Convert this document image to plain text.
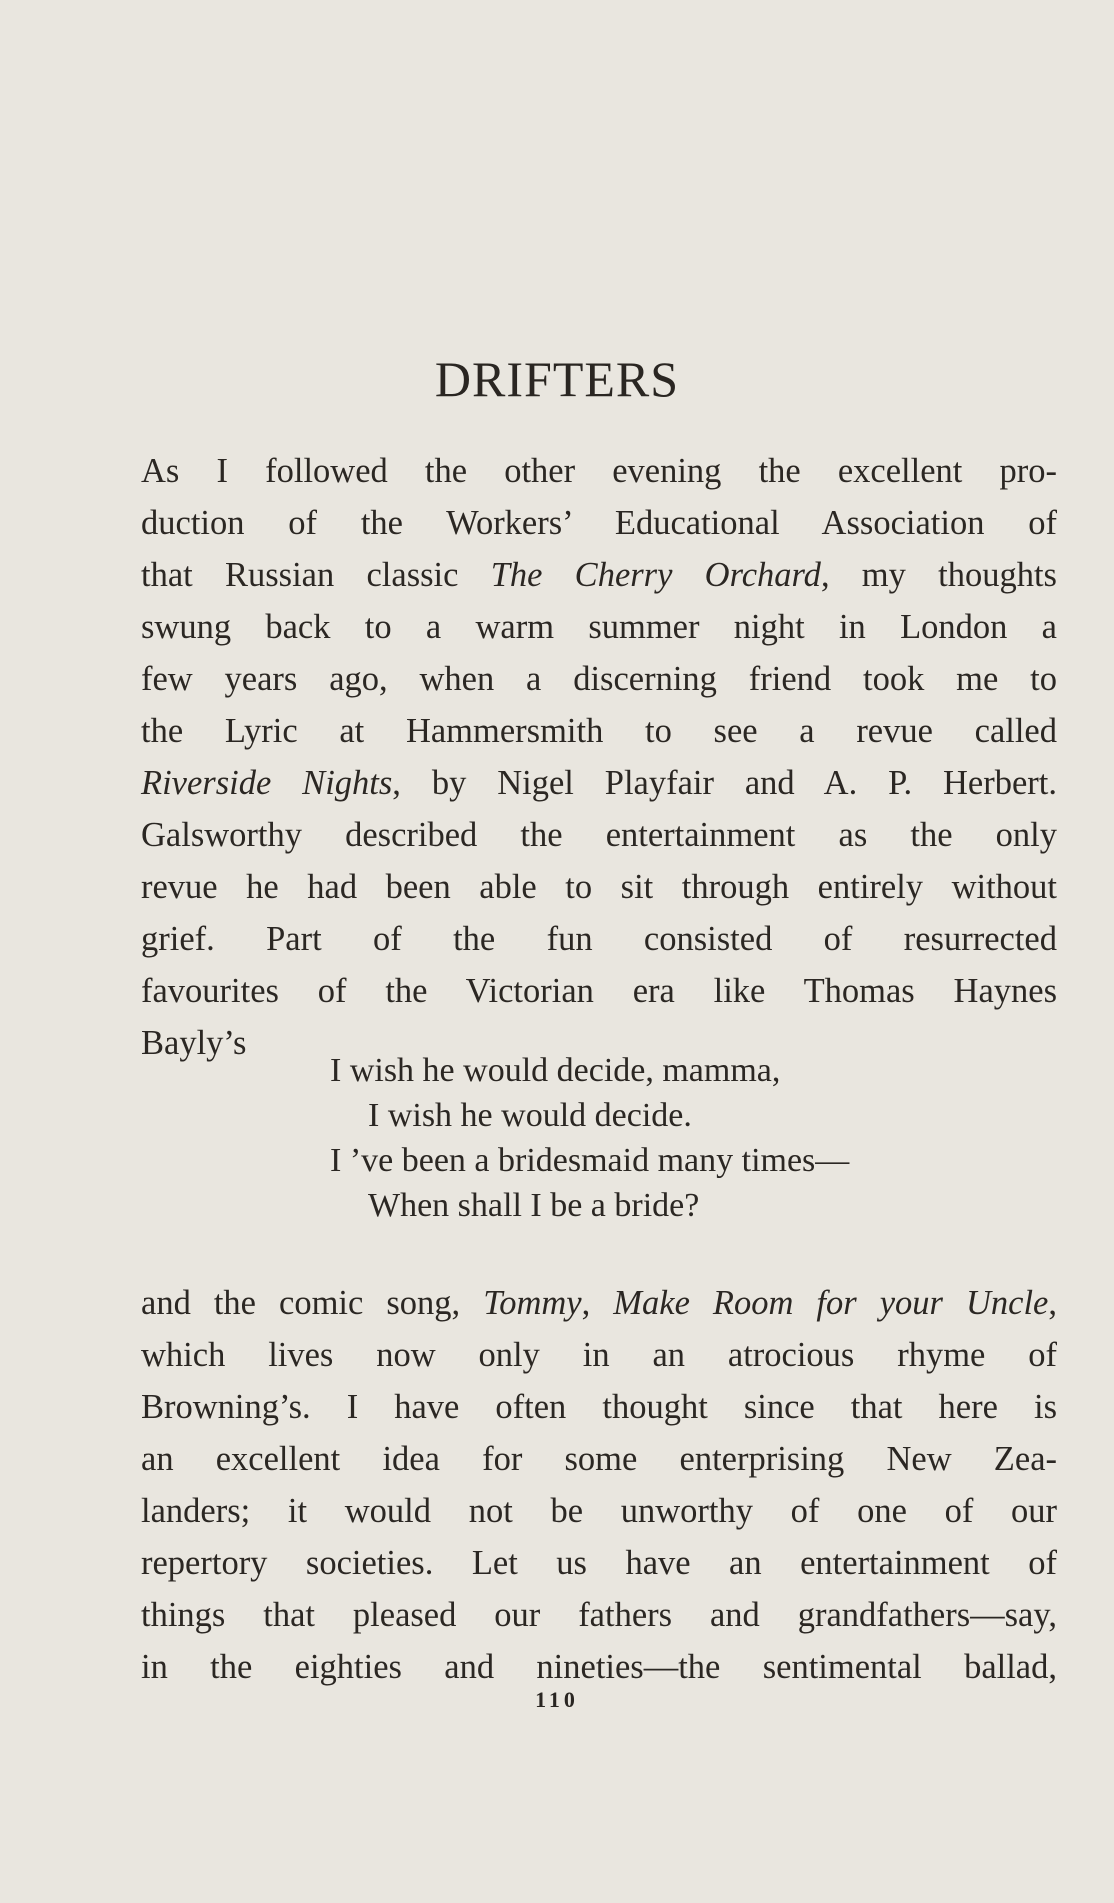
DRIFTERS
As I followed the other evening the excellent pro-
duction of the Workers’ Educational Association of
that Russian classic The Cherry Orchard, my thoughts
swung back to a warm summer night in London a
few years ago, when a discerning friend took me to
the Lyric at Hammersmith to see a revue called
Riverside Nights, by Nigel Playfair and A. P. Herbert.
Galsworthy described the entertainment as the only
revue he had been able to sit through entirely without
grief. Part of the fun consisted of resurrected
favourites of the Victorian era like Thomas Haynes
Bayly’s
I wish he would decide, mamma,
I wish he would decide.
I ’ve been a bridesmaid many times—
When shall I be a bride?
and the comic song, Tommy, Make Room for your Uncle,
which lives now only in an atrocious rhyme of
Browning’s. I have often thought since that here is
an excellent idea for some enterprising New Zea-
landers; it would not be unworthy of one of our
repertory societies. Let us have an entertainment of
things that pleased our fathers and grandfathers—say,
in the eighties and nineties—the sentimental ballad,
110
